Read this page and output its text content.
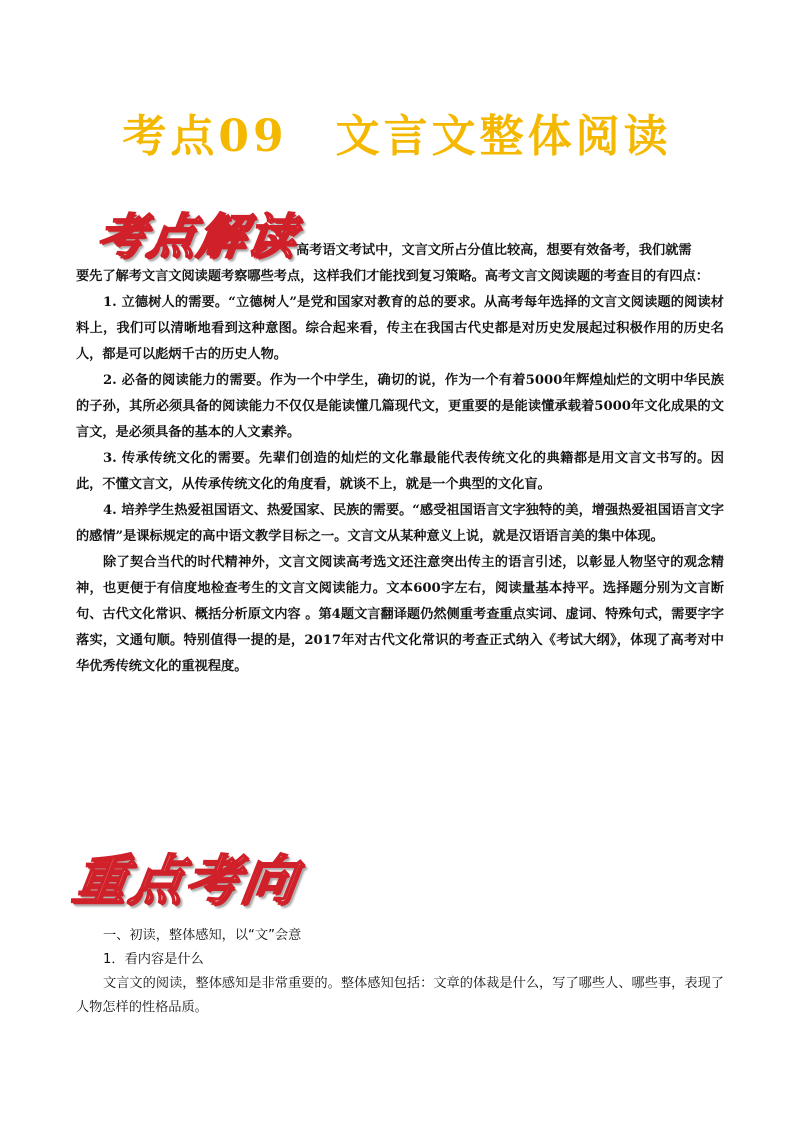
考点09　文言文整体阅读
考点解读

高考语文考试中，文言文所占分值比较高，想要有效备考，我们就需
要先了解考文言文阅读题考察哪些考点，这样我们才能找到复习策略。高考文言文阅读题的考查目的有四点：

1. 立德树人的需要。“立德树人”是党和国家对教育的总的要求。从高考每年选择的文言文阅读题的阅读材料上，我们可以清晰地看到这种意图。综合起来看，传主在我国古代史都是对历史发展起过积极作用的历史名人，都是可以彪炳千古的历史人物。

2. 必备的阅读能力的需要。作为一个中学生，确切的说，作为一个有着5000年辉煌灿烂的文明中华民族的子孙，其所必须具备的阅读能力不仅仅是能读懂几篇现代文，更重要的是能读懂承载着5000年文化成果的文言文，是必须具备的基本的人文素养。

3. 传承传统文化的需要。先辈们创造的灿烂的文化靠最能代表传统文化的典籍都是用文言文书写的。因此，不懂文言文，从传承传统文化的角度看，就谈不上，就是一个典型的文化盲。

4. 培养学生热爱祖国语文、热爱国家、民族的需要。“感受祖国语言文字独特的美，增强热爱祖国语言文字的感情”是课标规定的高中语文教学目标之一。文言文从某种意义上说，就是汉语语言美的集中体现。

除了契合当代的时代精神外，文言文阅读高考选文还注意突出传主的语言引述，以彰显人物坚守的观念精神，也更便于有信度地检查考生的文言文阅读能力。文本600字左右，阅读量基本持平。选择题分别为文言断句、古代文化常识、概括分析原文内容 。第4题文言翻译题仍然侧重考查重点实词、虚词、特殊句式，需要字字落实，文通句顺。特别值得一提的是，2017年对古代文化常识的考查正式纳入《考试大纲》，体现了高考对中华优秀传统文化的重视程度。

重点考向

一、初读，整体感知，以“文”会意

1．看内容是什么

文言文的阅读，整体感知是非常重要的。整体感知包括：文章的体裁是什么，写了哪些人、哪些事，表现了人物怎样的性格品质。
